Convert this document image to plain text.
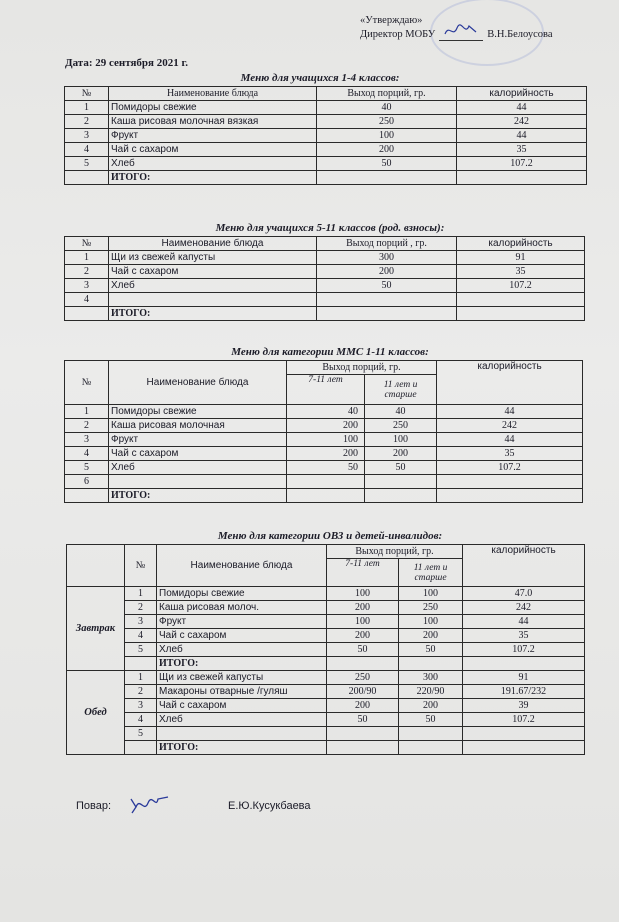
«Утверждаю»
Директор МОБУ	В.Н.Белоусова
Дата: 29 сентября 2021 г.
Меню для учащихся 1-4 классов:
№	Наименование блюда	Выход порций, гр.	калорийность
1	Помидоры свежие	40	44
2	Каша рисовая молочная вязкая	250	242
3	Фрукт	100	44
4	Чай с сахаром	200	35
5	Хлеб	50	107.2
	ИТОГО:		
Меню для учащихся 5-11 классов (род. взносы):
№	Наименование блюда	Выход порций , гр.	калорийность
1	Щи из свежей капусты	300	91
2	Чай с сахаром	200	35
3	Хлеб	50	107.2
4			
	ИТОГО:		
Меню для категории ММС 1-11 классов:
№	Наименование блюда	Выход порций, гр.		калорийность
		7-11 лет	11 лет и старше	
1	Помидоры свежие	40	40	44
2	Каша рисовая молочная	200	250	242
3	Фрукт	100	100	44
4	Чай с сахаром	200	200	35
5	Хлеб	50	50	107.2
6				
	ИТОГО:			
Меню для категории ОВЗ и детей-инвалидов:
	№	Наименование блюда	Выход порций, гр.		калорийность
			7-11 лет	11 лет и старше	

Завтрак	1	Помидоры свежие	100	100	47.0
	2	Каша рисовая молоч.	200	250	242
	3	Фрукт	100	100	44
	4	Чай с сахаром	200	200	35
	5	Хлеб	50	50	107.2
		ИТОГО:			
Обед	1	Щи из свежей капусты	250	300	91
	2	Макароны отварные /гуляш	200/90	220/90	191.67/232
	3	Чай с сахаром	200	200	39
	4	Хлеб	50	50	107.2
	5				
		ИТОГО:			
Повар:	Е.Ю.Кусукбаева
